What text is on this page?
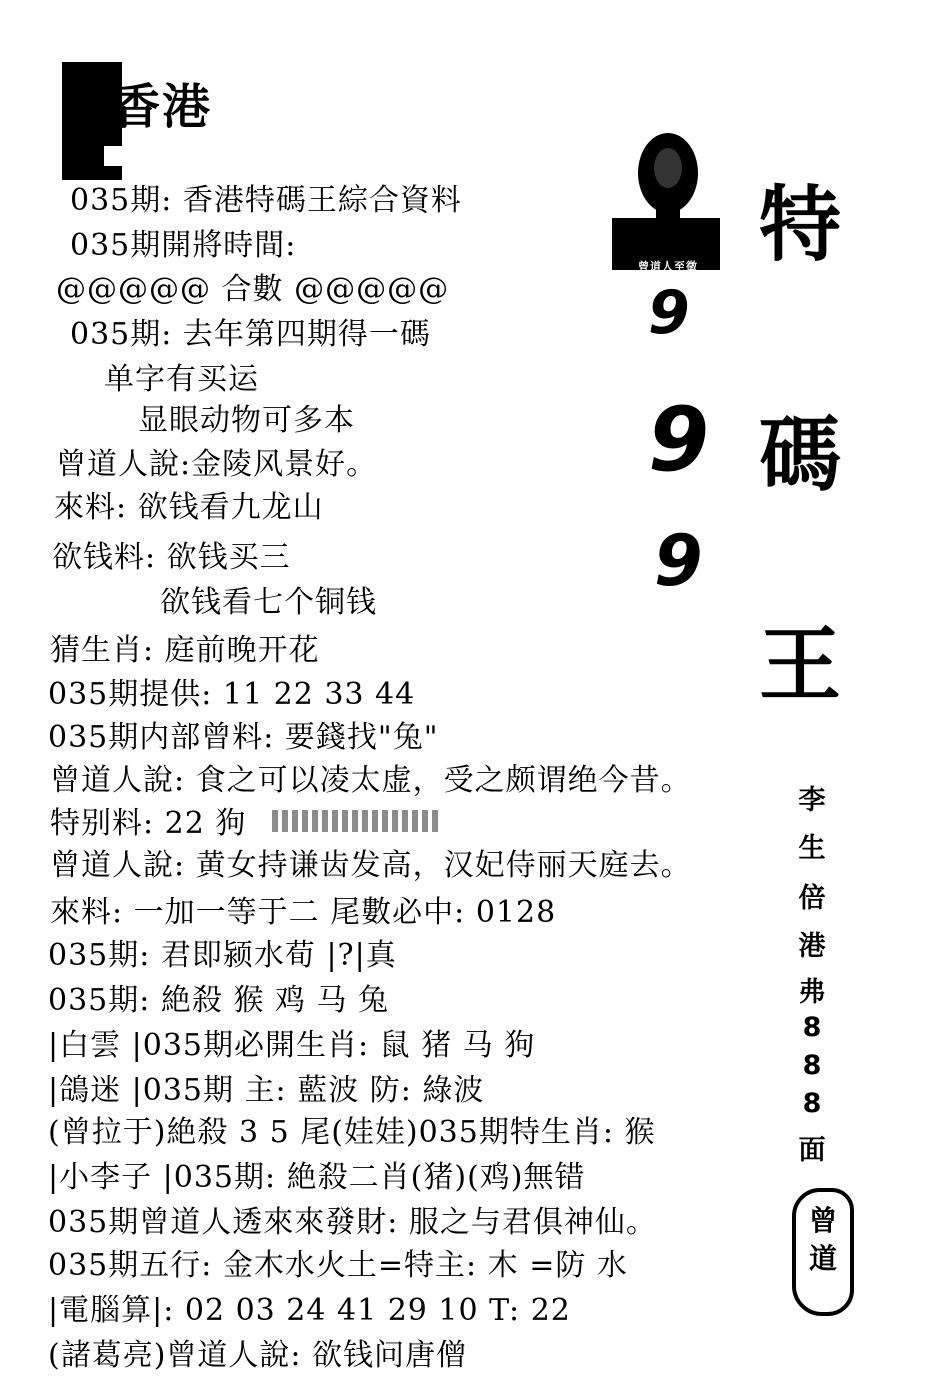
香港
035期: 香港特碼王綜合資料
035期開將時間:
@@@@@ 合數 @@@@@
035期: 去年第四期得一碼
单字有买运
显眼动物可多本
曾道人說:金陵风景好。
來料: 欲钱看九龙山
欲钱料: 欲钱买三
欲钱看七个铜钱
猜生肖: 庭前晚开花
035期提供: 11 22 33 44
035期内部曾料: 要錢找"兔"
曾道人說: 食之可以凌太虚，受之颇谓绝今昔。
特别料: 22 狗
曾道人說: 黄女持谦齿发高，汉妃侍丽天庭去。
來料: 一加一等于二 尾數必中: 0128
035期: 君即颍水荀 |?|真
035期: 絶殺 猴 鸡 马 兔
|白雲 |035期必開生肖: 鼠 猪 马 狗
|鴿迷 |035期 主: 藍波 防: 綠波
(曾拉于)絶殺 3 5 尾(娃娃)035期特生肖: 猴
|小李子 |035期: 絶殺二肖(猪)(鸡)無错
035期曾道人透來來發財: 服之与君俱神仙。
035期五行: 金木水火土=特主: 木 =防 水
|電腦算|: 02 03 24 41 29 10 T: 22
(諸葛亮)曾道人說: 欲钱问唐僧
曾道人至徵
9
9
9
特
碼
王
李
生
倍
港
弗
8
8
8
面
曾道
